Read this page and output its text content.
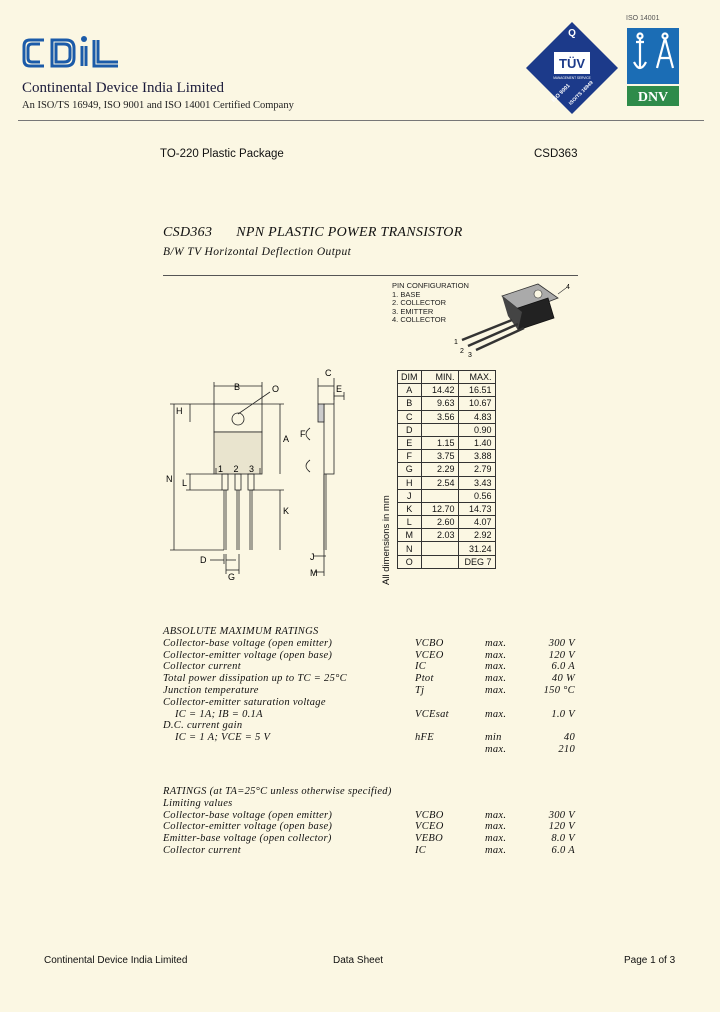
Continental Device India Limited
An ISO/TS 16949, ISO 9001 and ISO 14001 Certified Company
TÜV
MANAGEMENT SERVICE
Q
ISO 9001
ISO/TS 16949
ISO 14001
DNV
TO-220 Plastic Package	CSD363
CSD363 NPN PLASTIC POWER TRANSISTOR
B/W TV Horizontal Deflection Output
PIN CONFIGURATION
1. BASE
2. COLLECTOR
3. EMITTER
4. COLLECTOR
4
1
2
3
B
H
N L
A
K
1 2 3
D
G
O
C
E
F
J
M
DIM	MIN.	MAX.
A	14.42	16.51
B	9.63	10.67
C	3.56	4.83
D		0.90
E	1.15	1.40
F	3.75	3.88
G	2.29	2.79
H	2.54	3.43
J		0.56
K	12.70	14.73
L	2.60	4.07
M	2.03	2.92
N		31.24
O		DEG 7
All dimensions in mm
ABSOLUTE MAXIMUM RATINGS
Collector-base voltage (open emitter)	VCBO	max.	300 V
Collector-emitter voltage (open base)	VCEO	max.	120 V
Collector current	IC	max.	6.0 A
Total power dissipation up to TC = 25°C	Ptot	max.	40 W
Junction temperature	Tj	max.	150 °C
Collector-emitter saturation voltage
IC = 1A; IB = 0.1A	VCEsat	max.	1.0 V
D.C. current gain
IC = 1 A; VCE = 5 V	hFE	min	40
max.	210
RATINGS (at TA=25°C unless otherwise specified)
Limiting values
Collector-base voltage (open emitter)	VCBO	max.	300 V
Collector-emitter voltage (open base)	VCEO	max.	120 V
Emitter-base voltage (open collector)	VEBO	max.	8.0 V
Collector current	IC	max.	6.0 A
Continental Device India Limited	Data Sheet	Page 1 of 3
